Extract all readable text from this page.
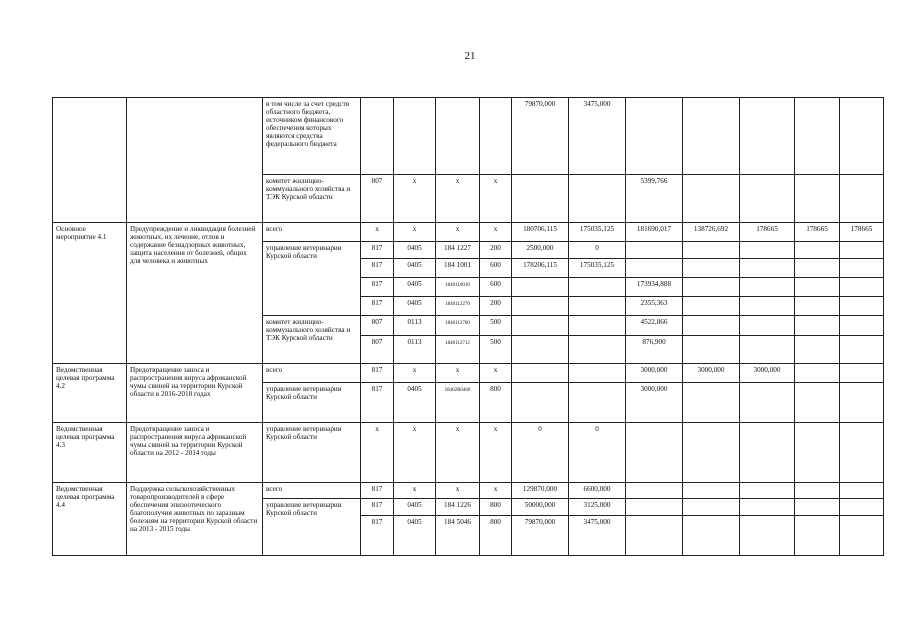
21
		в том числе за счет средств областного бюджета, источником финансового обеспечения которых являются средства федерального бюджета					79870,000	3475,000					
		комитет жилищно-коммунального хозяйства и ТЭК Курской области	807	x	x	x			5399,766				
Основное мероприятие 4.1	Предупреждение и ликвидация болезней животных, их лечение, отлов и содержание безнадзорных животных, защита населения от болезней, общих для человека и животных	всего	x	x	x	x	180706,115	175035,125	181690,017	138726,692	178665	178665	178665
		управление ветеринарии Курской области	817	0405	184 1227	200	2500,000	0					
			817	0405	184 1001	600	178206,115	175035,125					
			817	0405	1840110010	600			173934,888				
			817	0405	1840112270	200			2355,363				
		комитет жилищно-коммунального хозяйства и ТЭК Курской области	807	0113	1840112700	500			4522,866				
			807	0113	1840112712	500			876,900				
Ведомственная целевая программа 4.2	Предотвращение заноса и распространения вируса африканской чумы свиней на территории Курской области в 2016-2018 годах	всего	817	x	x	x			3000,000	3000,000	3000,000		
		управление ветеринарии Курской области	817	0405	18402R0460	800			3000,000				
Ведомственная целевая программа 4.3	Предотвращение заноса и распространения вируса африканской чумы свиней на территории Курской области на 2012 - 2014 годы	управление ветеринарии Курской области	x	x	x	x	0	0					
Ведомственная целевая программа 4.4	Поддержка сельскохозяйственных товаропроизводителей в сфере обеспечения эпизоотического благополучия животных по заразным болезням на территории Курской области на 2013 - 2015 годы	всего	817	x	x	x	129870,000	6600,000					
		управление ветеринарии Курской области	817	0405	184 1226	800	50000,000	3125,000					
			817	0405	184 5046	800	79870,000	3475,000					
